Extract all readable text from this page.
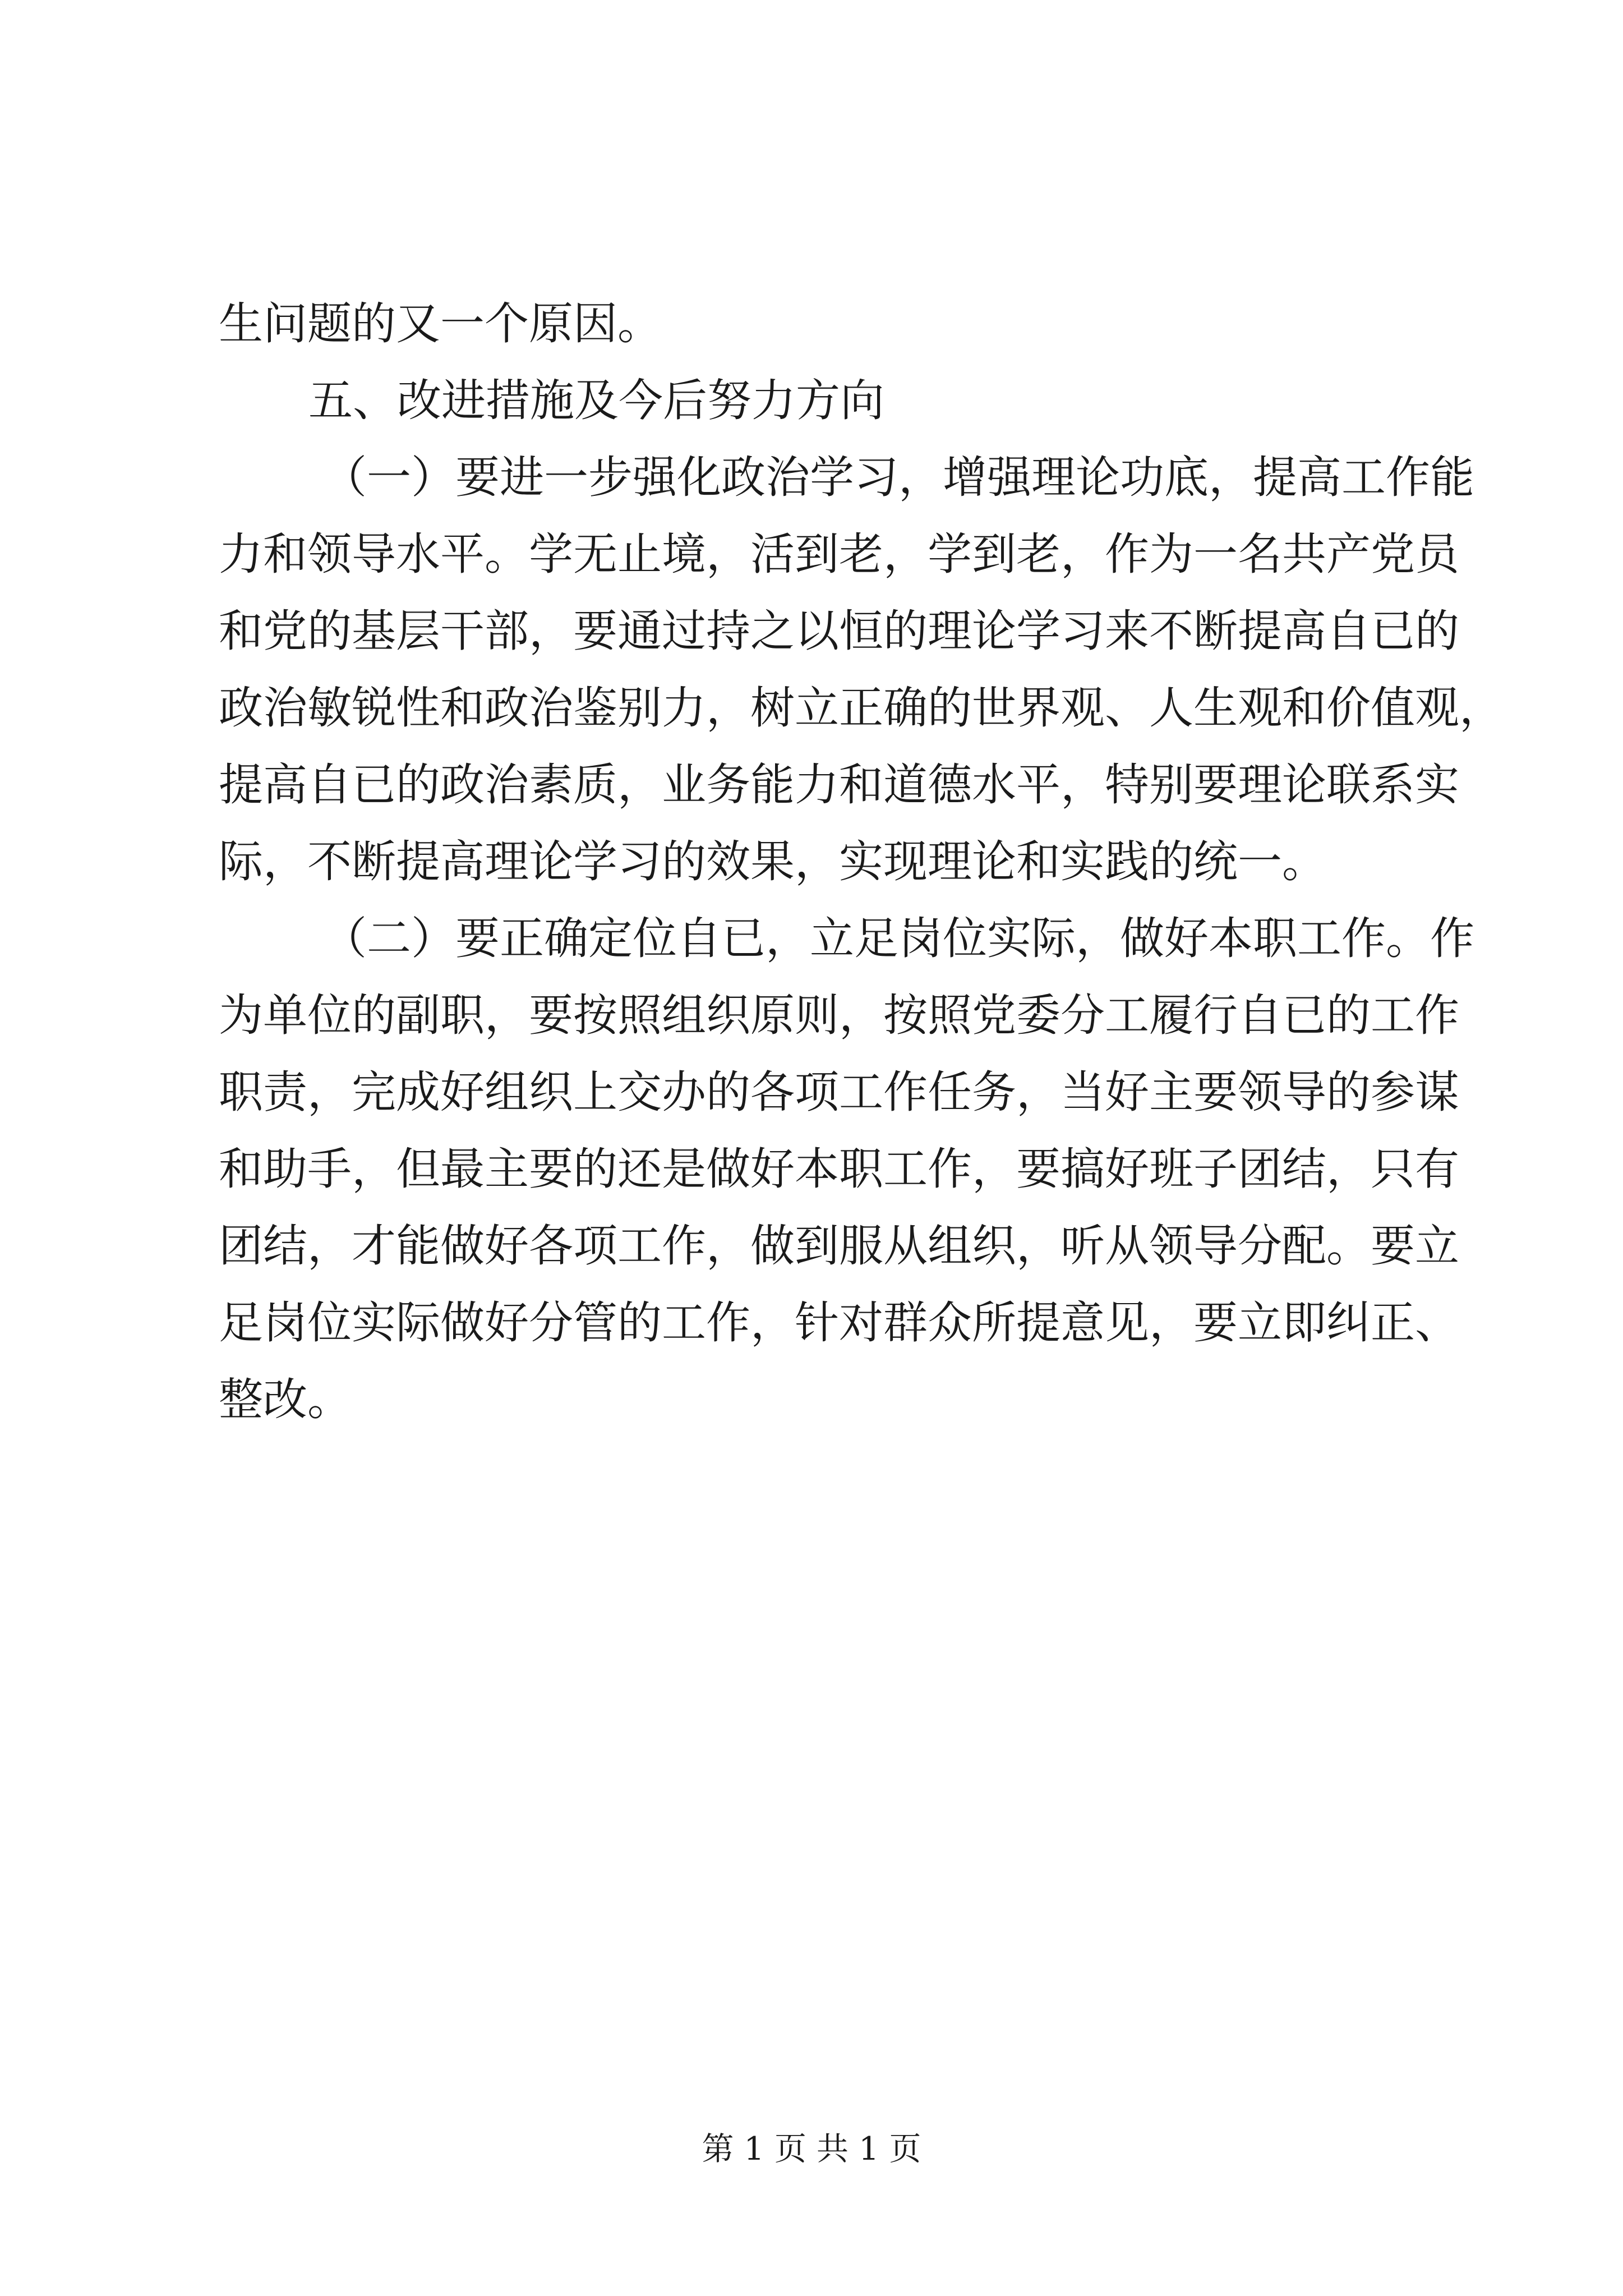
生问题的又一个原因。

五、改进措施及今后努力方向

（一）要进一步强化政治学习，增强理论功底，提高工作能
力和领导水平。学无止境，活到老，学到老，作为一名共产党员
和党的基层干部，要通过持之以恒的理论学习来不断提高自已的
政治敏锐性和政治鉴别力，树立正确的世界观、人生观和价值观，
提高自已的政治素质，业务能力和道德水平，特别要理论联系实
际，不断提高理论学习的效果，实现理论和实践的统一。

（二）要正确定位自已，立足岗位实际，做好本职工作。作
为单位的副职，要按照组织原则，按照党委分工履行自已的工作
职责，完成好组织上交办的各项工作任务，当好主要领导的参谋
和助手，但最主要的还是做好本职工作，要搞好班子团结，只有
团结，才能做好各项工作，做到服从组织，听从领导分配。要立
足岗位实际做好分管的工作，针对群众所提意见，要立即纠正、
整改。

第 1 页 共 1 页
